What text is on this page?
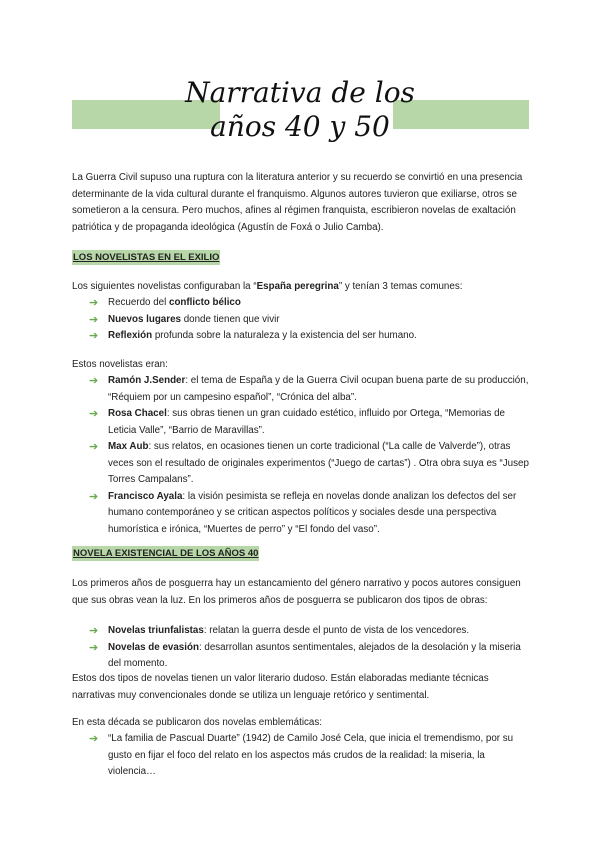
Narrativa de los
años 40 y 50
La Guerra Civil supuso una ruptura con la literatura anterior y su recuerdo se convirtió en una presencia determinante de la vida cultural durante el franquismo. Algunos autores tuvieron que exiliarse, otros se sometieron a la censura. Pero muchos, afines al régimen franquista, escribieron novelas de exaltación patriótica y de propaganda ideológica (Agustín de Foxá o Julio Camba).
LOS NOVELISTAS EN EL EXILIO
Los siguientes novelistas configuraban la “España peregrina” y tenían 3 temas comunes:
➔ Recuerdo del conflicto bélico
➔ Nuevos lugares donde tienen que vivir
➔ Reflexión profunda sobre la naturaleza y la existencia del ser humano.
Estos novelistas eran:
➔ Ramón J.Sender: el tema de España y de la Guerra Civil ocupan buena parte de su producción, “Réquiem por un campesino español”, “Crónica del alba”.
➔ Rosa Chacel: sus obras tienen un gran cuidado estético, influido por Ortega, “Memorias de Leticia Valle”, “Barrio de Maravillas”.
➔ Max Aub: sus relatos, en ocasiones tienen un corte tradicional (“La calle de Valverde”), otras veces son el resultado de originales experimentos (“Juego de cartas”) . Otra obra suya es “Jusep Torres Campalans”.
➔ Francisco Ayala: la visión pesimista se refleja en novelas donde analizan los defectos del ser humano contemporáneo y se critican aspectos políticos y sociales desde una perspectiva humorística e irónica, “Muertes de perro” y “El fondo del vaso”.
NOVELA EXISTENCIAL DE LOS AÑOS 40
Los primeros años de posguerra hay un estancamiento del género narrativo y pocos autores consiguen que sus obras vean la luz. En los primeros años de posguerra se publicaron dos tipos de obras:
➔ Novelas triunfalistas: relatan la guerra desde el punto de vista de los vencedores.
➔ Novelas de evasión: desarrollan asuntos sentimentales, alejados de la desolación y la miseria del momento.
Estos dos tipos de novelas tienen un valor literario dudoso. Están elaboradas mediante técnicas narrativas muy convencionales donde se utiliza un lenguaje retórico y sentimental.
En esta década se publicaron dos novelas emblemáticas:
➔ “La familia de Pascual Duarte” (1942) de Camilo José Cela, que inicia el tremendismo, por su gusto en fijar el foco del relato en los aspectos más crudos de la realidad: la miseria, la violencia…
